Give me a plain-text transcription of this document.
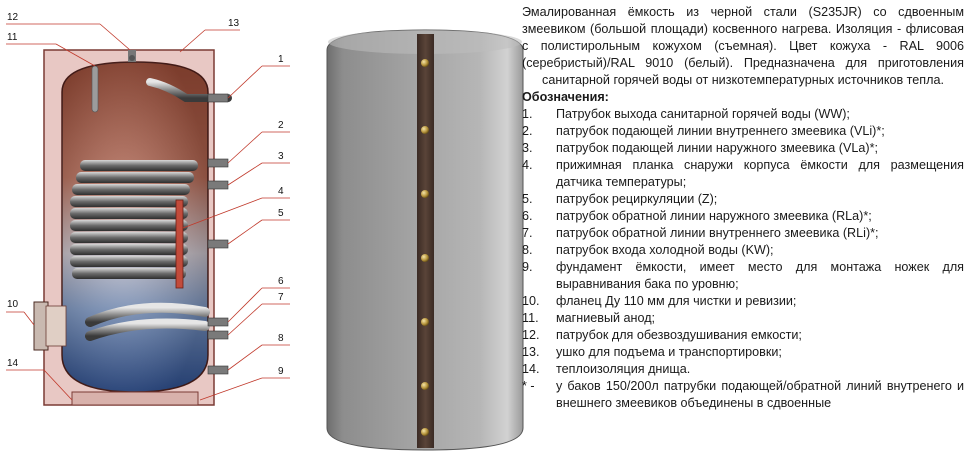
1
2
3
4
5
6
7
8
9
10
11
12
13
14

Эмалированная ёмкость из черной стали (S235JR) со сдвоенным змеевиком (большой площади) косвенного нагрева. Изоляция - флисовая с полистирольным кожухом (съемная). Цвет кожуха - RAL 9006 (серебристый)/RAL 9010 (белый). Предназначена для приготовления санитарной горячей воды от низкотемпературных источников тепла.

Обозначения:

1.	Патрубок выхода санитарной горячей воды (WW);
2.	патрубок подающей линии внутреннего змеевика (VLi)*;
3.	патрубок подающей линии наружного змеевика (VLa)*;
4.	прижимная планка снаружи корпуса ёмкости для размещения датчика температуры;
5.	патрубок рециркуляции (Z);
6.	патрубок обратной линии наружного змеевика (RLa)*;
7.	патрубок обратной линии внутреннего змеевика (RLi)*;
8.	патрубок входа холодной воды (KW);
9.	фундамент ёмкости, имеет место для монтажа ножек для выравнивания бака по уровню;
10.	фланец Ду 110 мм для чистки и ревизии;
11.	магниевый анод;
12.	патрубок для обезвоздушивания емкости;
13.	ушко для подъема и транспортировки;
14.	теплоизоляция днища.

* -	у баков 150/200л патрубки подающей/обратной линий внутренего и внешнего змеевиков объединены в сдвоенные
